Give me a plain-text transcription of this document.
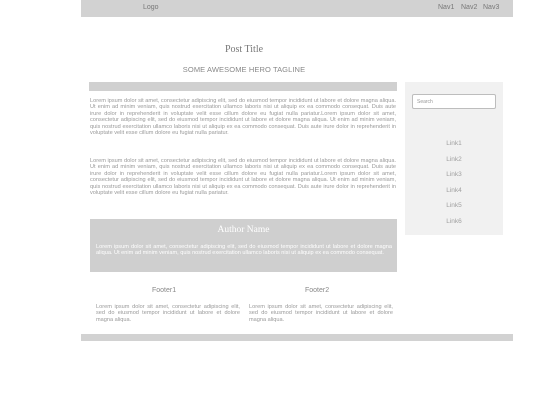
Logo	Nav1 Nav2 Nav3
Post Title
SOME AWESOME HERO TAGLINE

Lorem ipsum dolor sit amet, consectetur adipiscing elit, sed do eiusmod tempor incididunt ut labore et dolore magna aliqua. Ut enim ad minim veniam, quis nostrud exercitation ullamco laboris nisi ut aliquip ex ea commodo consequat. Duis aute irure dolor in reprehenderit in voluptate velit esse cillum dolore eu fugiat nulla pariatur.Lorem ipsum dolor sit amet, consectetur adipiscing elit, sed do eiusmod tempor incididunt ut labore et dolore magna aliqua. Ut enim ad minim veniam, quis nostrud exercitation ullamco laboris nisi ut aliquip ex ea commodo consequat. Duis aute irure dolor in reprehenderit in voluptate velit esse cillum dolore eu fugiat nulla pariatur.

Lorem ipsum dolor sit amet, consectetur adipiscing elit, sed do eiusmod tempor incididunt ut labore et dolore magna aliqua. Ut enim ad minim veniam, quis nostrud exercitation ullamco laboris nisi ut aliquip ex ea commodo consequat. Duis aute irure dolor in reprehenderit in voluptate velit esse cillum dolore eu fugiat nulla pariatur.Lorem ipsum dolor sit amet, consectetur adipiscing elit, sed do eiusmod tempor incididunt ut labore et dolore magna aliqua. Ut enim ad minim veniam, quis nostrud exercitation ullamco laboris nisi ut aliquip ex ea commodo consequat. Duis aute irure dolor in reprehenderit in voluptate velit esse cillum dolore eu fugiat nulla pariatur.

Author Name

Lorem ipsum dolor sit amet, consectetur adipiscing elit, sed do eiusmod tempor incididunt ut labore et dolore magna aliqua. Ut enim ad minim veniam, quis nostrud exercitation ullamco laboris nisi ut aliquip ex ea commodo consequat.

Footer1	Footer2

Lorem ipsum dolor sit amet, consectetur adipiscing elit, sed do eiusmod tempor incididunt ut labore et dolore magna aliqua.

Lorem ipsum dolor sit amet, consectetur adipiscing elit, sed do eiusmod tempor incididunt ut labore et dolore magna aliqua.

Search
Link1
Link2
Link3
Link4
Link5
Link6
